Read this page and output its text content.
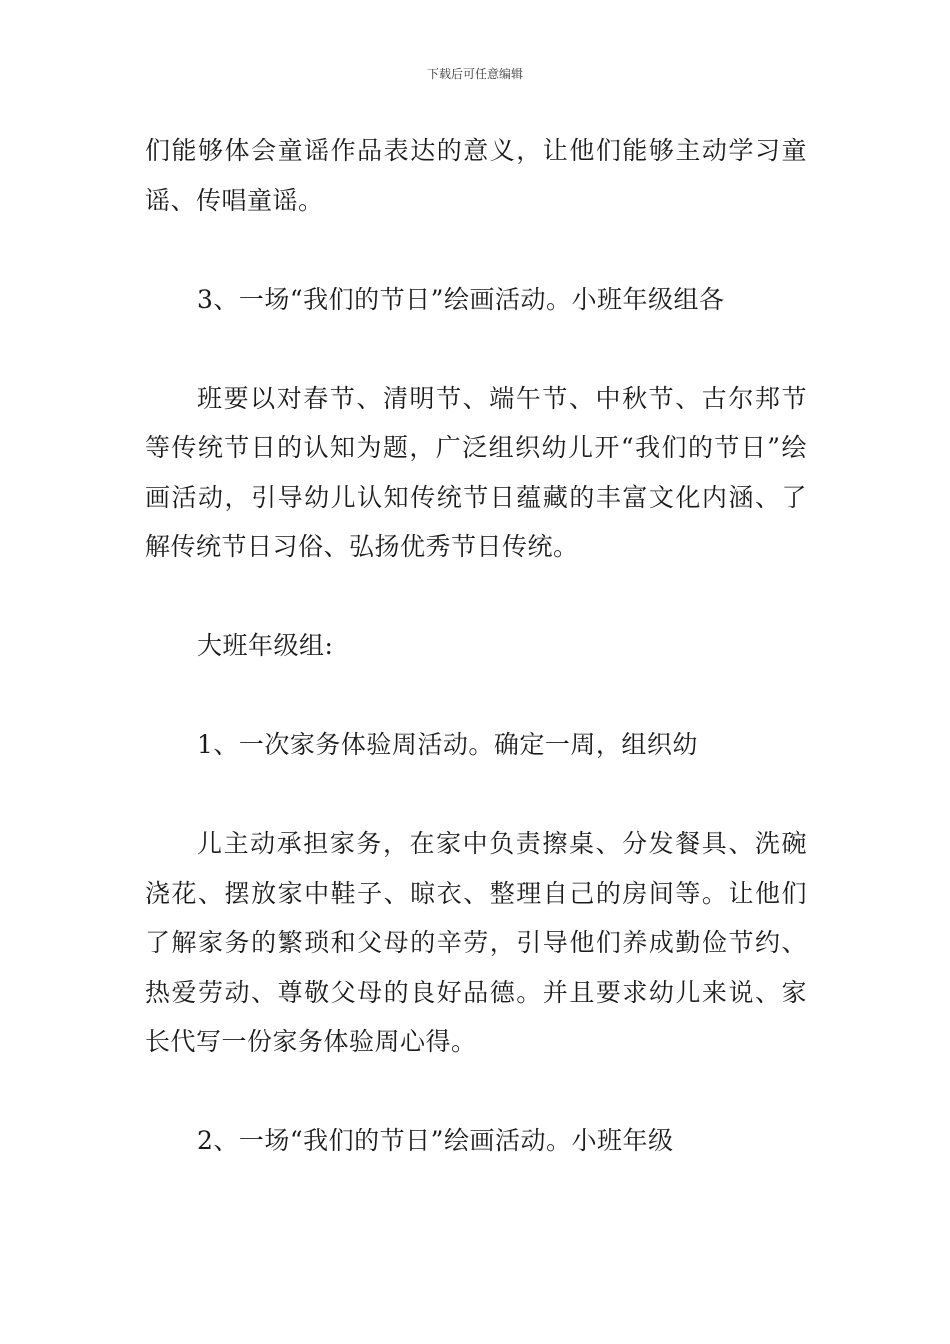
下载后可任意编辑

们能够体会童谣作品表达的意义，让他们能够主动学习童谣、传唱童谣。

3、一场“我们的节日”绘画活动。小班年级组各

班要以对春节、清明节、端午节、中秋节、古尔邦节等传统节日的认知为题，广泛组织幼儿开“我们的节日”绘画活动，引导幼儿认知传统节日蕴藏的丰富文化内涵、了解传统节日习俗、弘扬优秀节日传统。

大班年级组:

1、一次家务体验周活动。确定一周，组织幼

儿主动承担家务，在家中负责擦桌、分发餐具、洗碗浇花、摆放家中鞋子、晾衣、整理自己的房间等。让他们了解家务的繁琐和父母的辛劳，引导他们养成勤俭节约、热爱劳动、尊敬父母的良好品德。并且要求幼儿来说、家长代写一份家务体验周心得。

2、一场“我们的节日”绘画活动。小班年级
